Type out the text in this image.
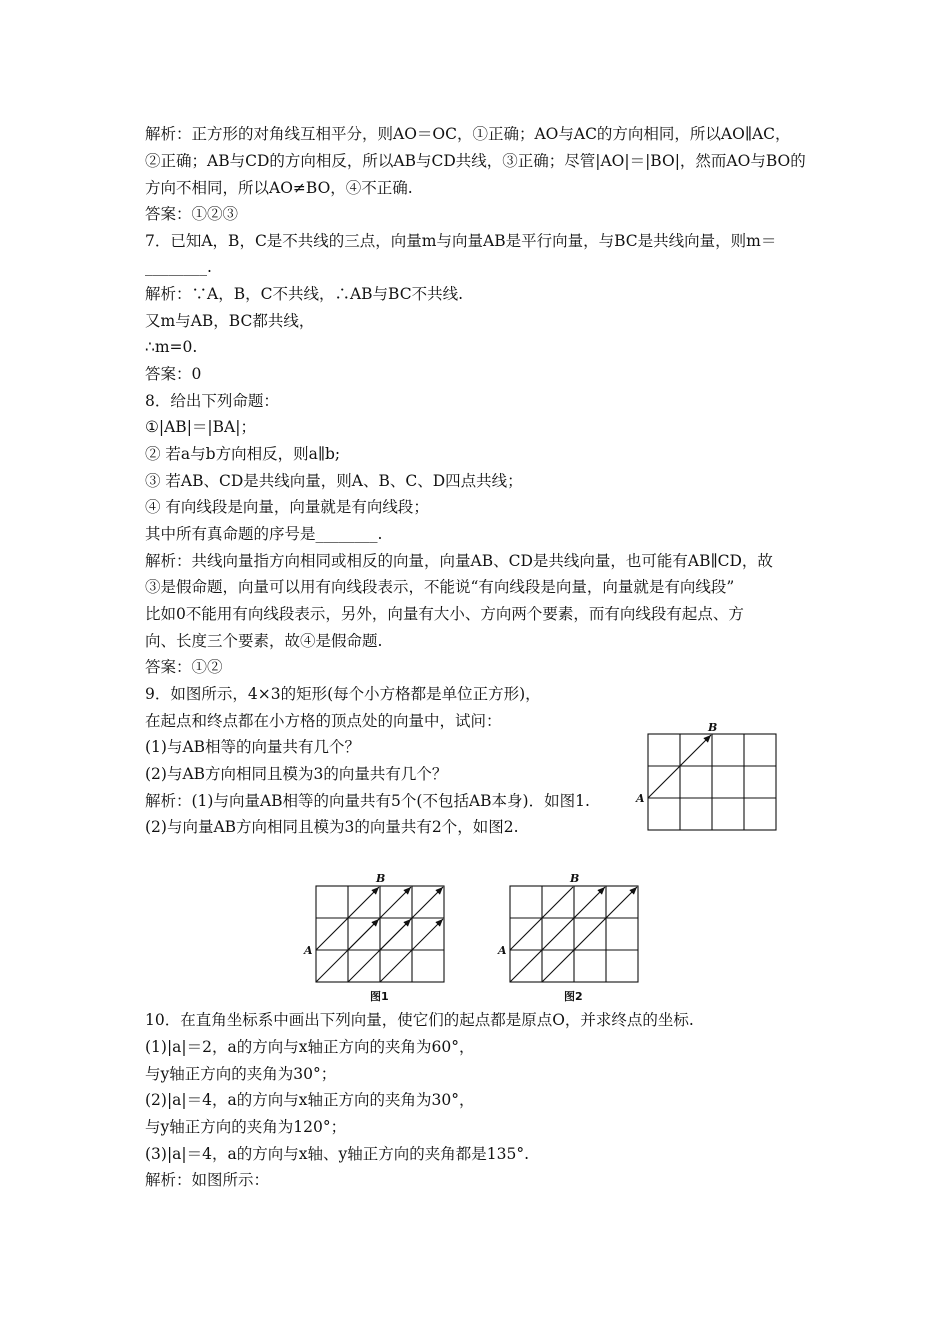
解析：正方形的对角线互相平分，则AO＝OC，①正确；AO与AC的方向相同，所以AO∥AC，
②正确；AB与CD的方向相反，所以AB与CD共线，③正确；尽管|AO|＝|BO|，然而AO与BO的
方向不相同，所以AO≠BO，④不正确.
答案：①②③
7．已知A，B，C是不共线的三点，向量m与向量AB是平行向量，与BC是共线向量，则m＝
________.
解析：∵A，B，C不共线，∴AB与BC不共线.
又m与AB，BC都共线，
∴m=0.
答案：0
8．给出下列命题：
①|AB|＝|BA|；
② 若a与b方向相反，则a∥b;
③ 若AB、CD是共线向量，则A、B、C、D四点共线；
④ 有向线段是向量，向量就是有向线段；
其中所有真命题的序号是________.
解析：共线向量指方向相同或相反的向量，向量AB、CD是共线向量，也可能有AB∥CD，故
③是假命题，向量可以用有向线段表示，不能说“有向线段是向量，向量就是有向线段”
比如0不能用有向线段表示，另外，向量有大小、方向两个要素，而有向线段有起点、方
向、长度三个要素，故④是假命题.
答案：①②
9．如图所示，4×3的矩形(每个小方格都是单位正方形)，
在起点和终点都在小方格的顶点处的向量中，试问：
(1)与AB相等的向量共有几个？
(2)与AB方向相同且模为3的向量共有几个？
解析：(1)与向量AB相等的向量共有5个(不包括AB本身)．如图1.
(2)与向量AB方向相同且模为3的向量共有2个，如图2.
10．在直角坐标系中画出下列向量，使它们的起点都是原点O，并求终点的坐标.
(1)|a|＝2，a的方向与x轴正方向的夹角为60°，
与y轴正方向的夹角为30°；
(2)|a|＝4，a的方向与x轴正方向的夹角为30°，
与y轴正方向的夹角为120°；
(3)|a|＝4，a的方向与x轴、y轴正方向的夹角都是135°.
解析：如图所示：
A
B
A
B
图1
A
B
图2
